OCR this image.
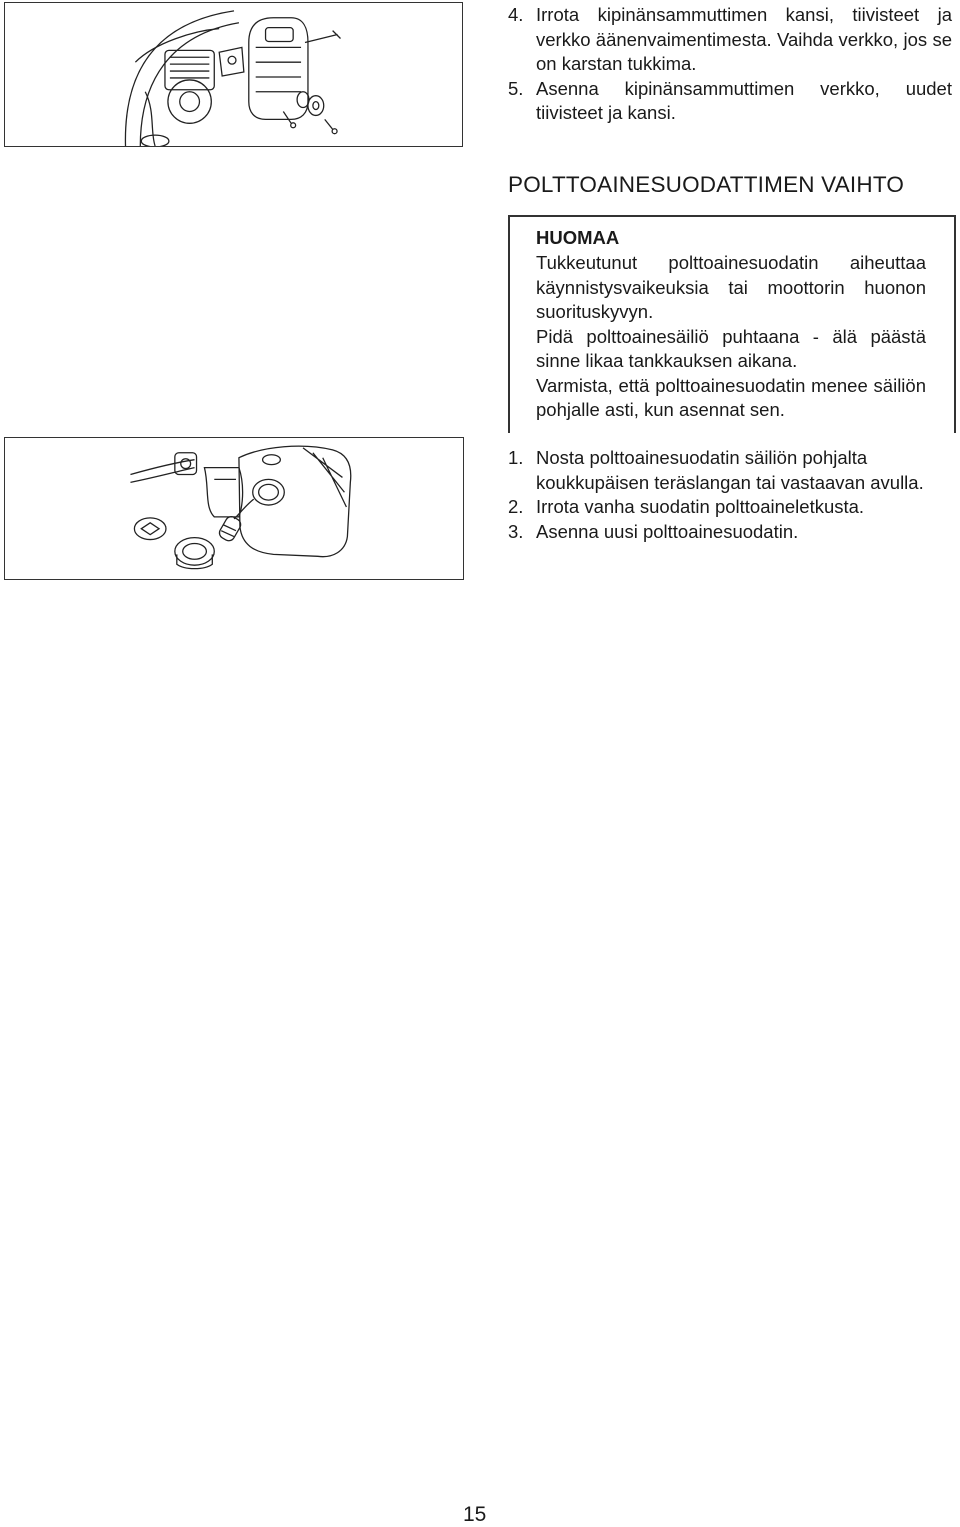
4. Irrota kipinänsammuttimen kansi, tiivisteet ja verkko äänenvaimentimesta. Vaihda verkko, jos se on karstan tukkima.
5. Asenna kipinänsammuttimen verkko, uudet tiivisteet ja kansi.
POLTTOAINESUODATTIMEN VAIHTO
HUOMAA

Tukkeutunut polttoainesuodatin aiheuttaa käynnistysvaikeuksia tai moottorin huonon suorituskyvyn.

Pidä polttoainesäiliö puhtaana - älä päästä sinne likaa tankkauksen aikana.

Varmista, että polttoainesuodatin menee säiliön pohjalle asti, kun asennat sen.

1. Nosta polttoainesuodatin säiliön pohjalta koukkupäisen teräslangan tai vastaavan avulla.
2. Irrota vanha suodatin polttoaineletkusta.
3. Asenna uusi polttoainesuodatin.
15
